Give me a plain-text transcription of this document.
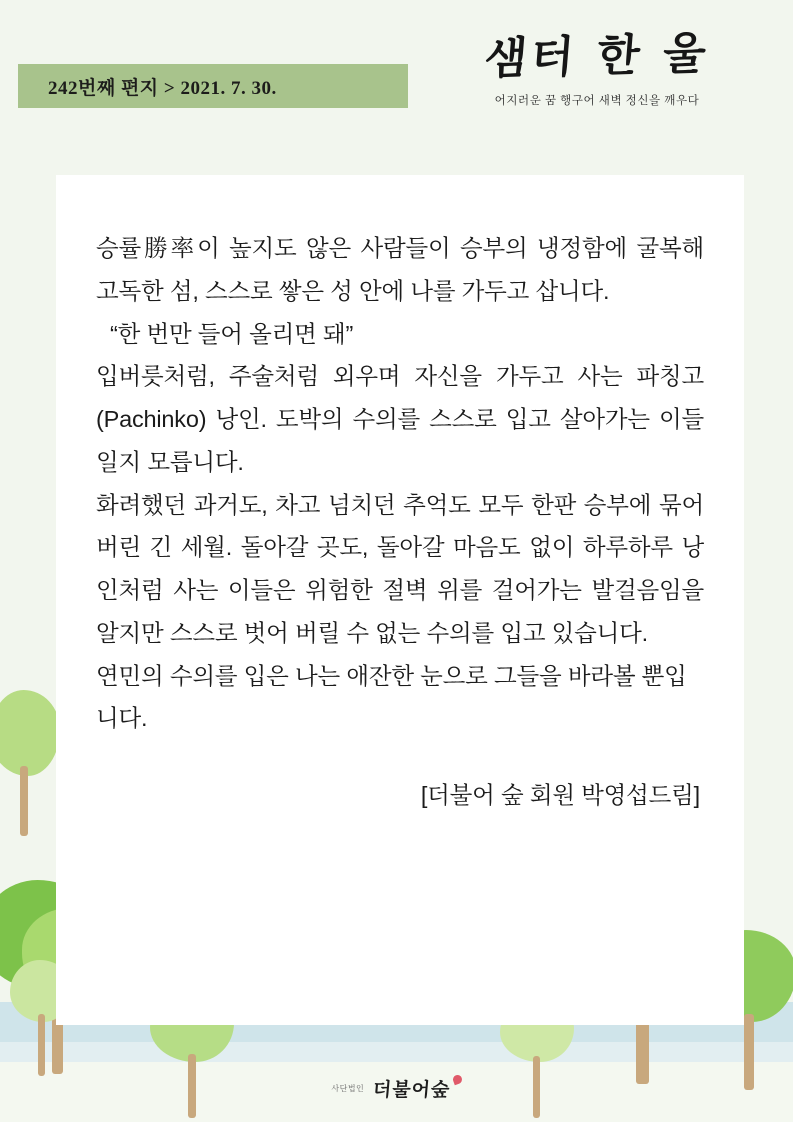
242번째 편지 > 2021. 7. 30.
샘터 한 울
어지러운 꿈 행구어 새벽 정신을 깨우다

승률勝率이 높지도 않은 사람들이 승부의 냉정함에 굴복해 고독한 섬, 스스로 쌓은 성 안에 나를 가두고 삽니다.

“한 번만 들어 올리면 돼”

입버릇처럼, 주술처럼 외우며 자신을 가두고 사는 파칭고(Pachinko) 낭인. 도박의 수의를 스스로 입고 살아가는 이들일지 모릅니다.

화려했던 과거도, 차고 넘치던 추억도 모두 한판 승부에 묶어버린 긴 세월. 돌아갈 곳도, 돌아갈 마음도 없이 하루하루 낭인처럼 사는 이들은 위험한 절벽 위를 걸어가는 발걸음임을 알지만 스스로 벗어 버릴 수 없는 수의를 입고 있습니다.

연민의 수의를 입은 나는 애잔한 눈으로 그들을 바라볼 뿐입니다.

[더불어 숲 회원 박영섭드림]
사단법인 더불어숲
